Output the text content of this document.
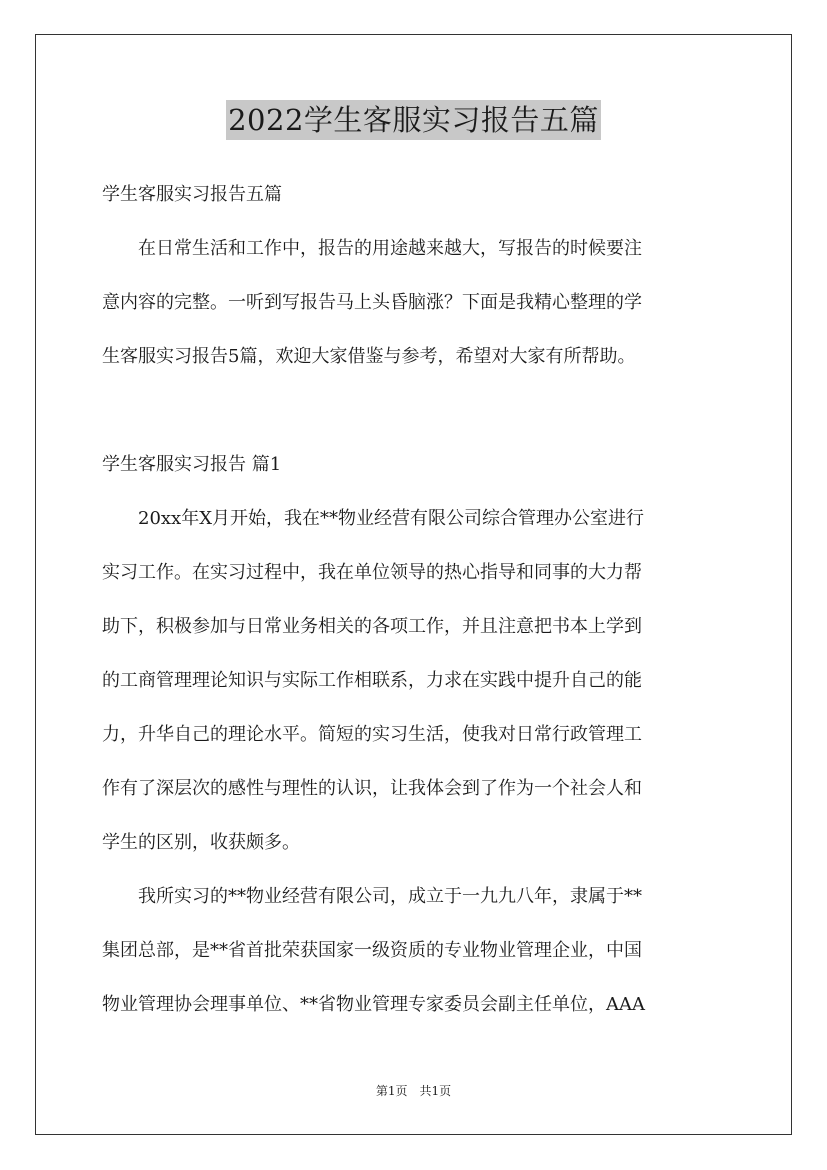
2022学生客服实习报告五篇
学生客服实习报告五篇
　　在日常生活和工作中，报告的用途越来越大，写报告的时候要注
意内容的完整。一听到写报告马上头昏脑涨？下面是我精心整理的学
生客服实习报告5篇，欢迎大家借鉴与参考，希望对大家有所帮助。
学生客服实习报告 篇1
　　20xx年X月开始，我在**物业经营有限公司综合管理办公室进行
实习工作。在实习过程中，我在单位领导的热心指导和同事的大力帮
助下，积极参加与日常业务相关的各项工作，并且注意把书本上学到
的工商管理理论知识与实际工作相联系，力求在实践中提升自己的能
力，升华自己的理论水平。简短的实习生活，使我对日常行政管理工
作有了深层次的感性与理性的认识，让我体会到了作为一个社会人和
学生的区别，收获颇多。
　　我所实习的**物业经营有限公司，成立于一九九八年，隶属于**
集团总部，是**省首批荣获国家一级资质的专业物业管理企业，中国
物业管理协会理事单位、**省物业管理专家委员会副主任单位，AAA
第1页　共1页
